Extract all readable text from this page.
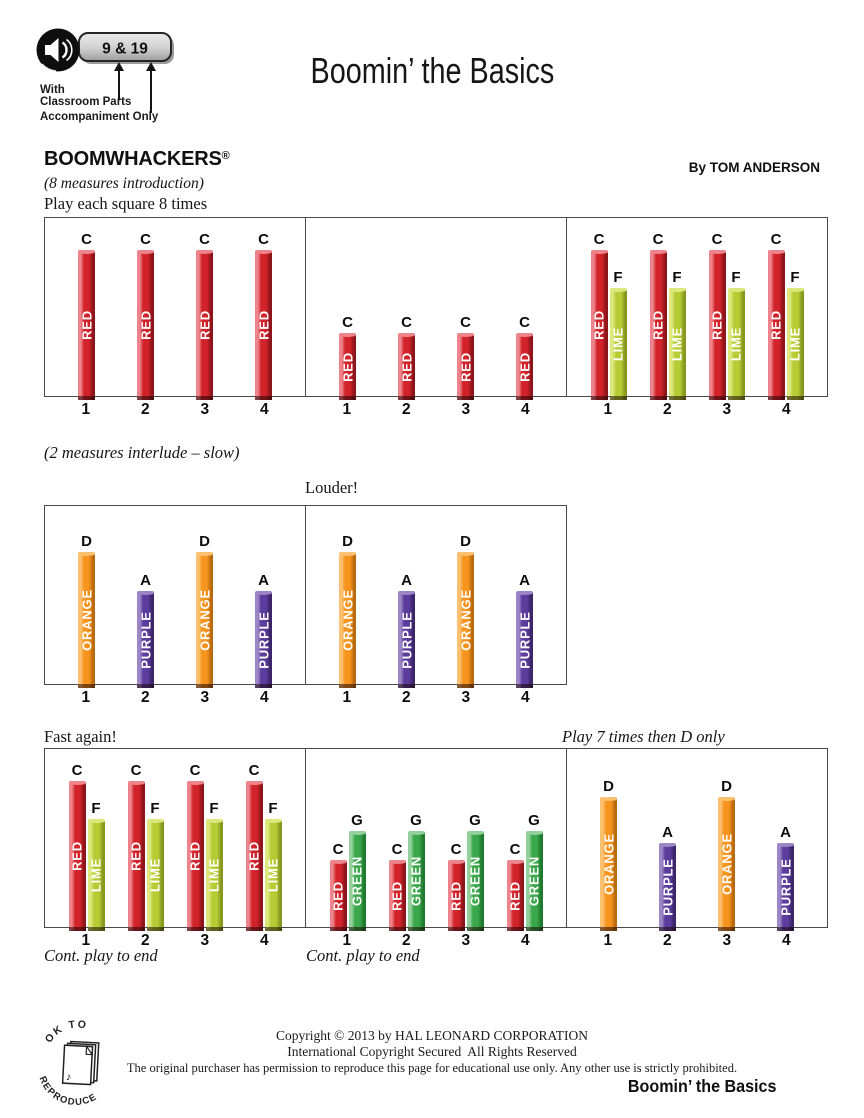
9 & 19
With
Classroom Parts
Accompaniment Only
Boomin’ the Basics
BOOMWHACKERS®
By TOM ANDERSON
(8 measures introduction)
Play each square 8 times
C
RED
C
RED
C
RED
C
RED
1	2	3	4
C
RED
C
RED
C
RED
C
RED
1	2	3	4
C
RED
F
LIME
C
RED
F
LIME
C
RED
F
LIME
C
RED
F
LIME
1	2	3	4
D
ORANGE
A
PURPLE
D
ORANGE
A
PURPLE
1	2	3	4
D
ORANGE
A
PURPLE
D
ORANGE
A
PURPLE
1	2	3	4
C
RED
F
LIME
C
RED
F
LIME
C
RED
F
LIME
C
RED
F
LIME
1	2	3	4
C
RED
G
GREEN
C
RED
G
GREEN
C
RED
G
GREEN
C
RED
G
GREEN
1	2	3	4
D
ORANGE
A
PURPLE
D
ORANGE
A
PURPLE
1	2	3	4
(2 measures interlude – slow)
Louder!
Fast again!	Play 7 times then D only
Cont. play to end	Cont. play to end
OK TO
♪
REPRODUCE
Copyright © 2013 by HAL LEONARD CORPORATION
International Copyright Secured  All Rights Reserved
The original purchaser has permission to reproduce this page for educational use only. Any other use is strictly prohibited.
Boomin’ the Basics
